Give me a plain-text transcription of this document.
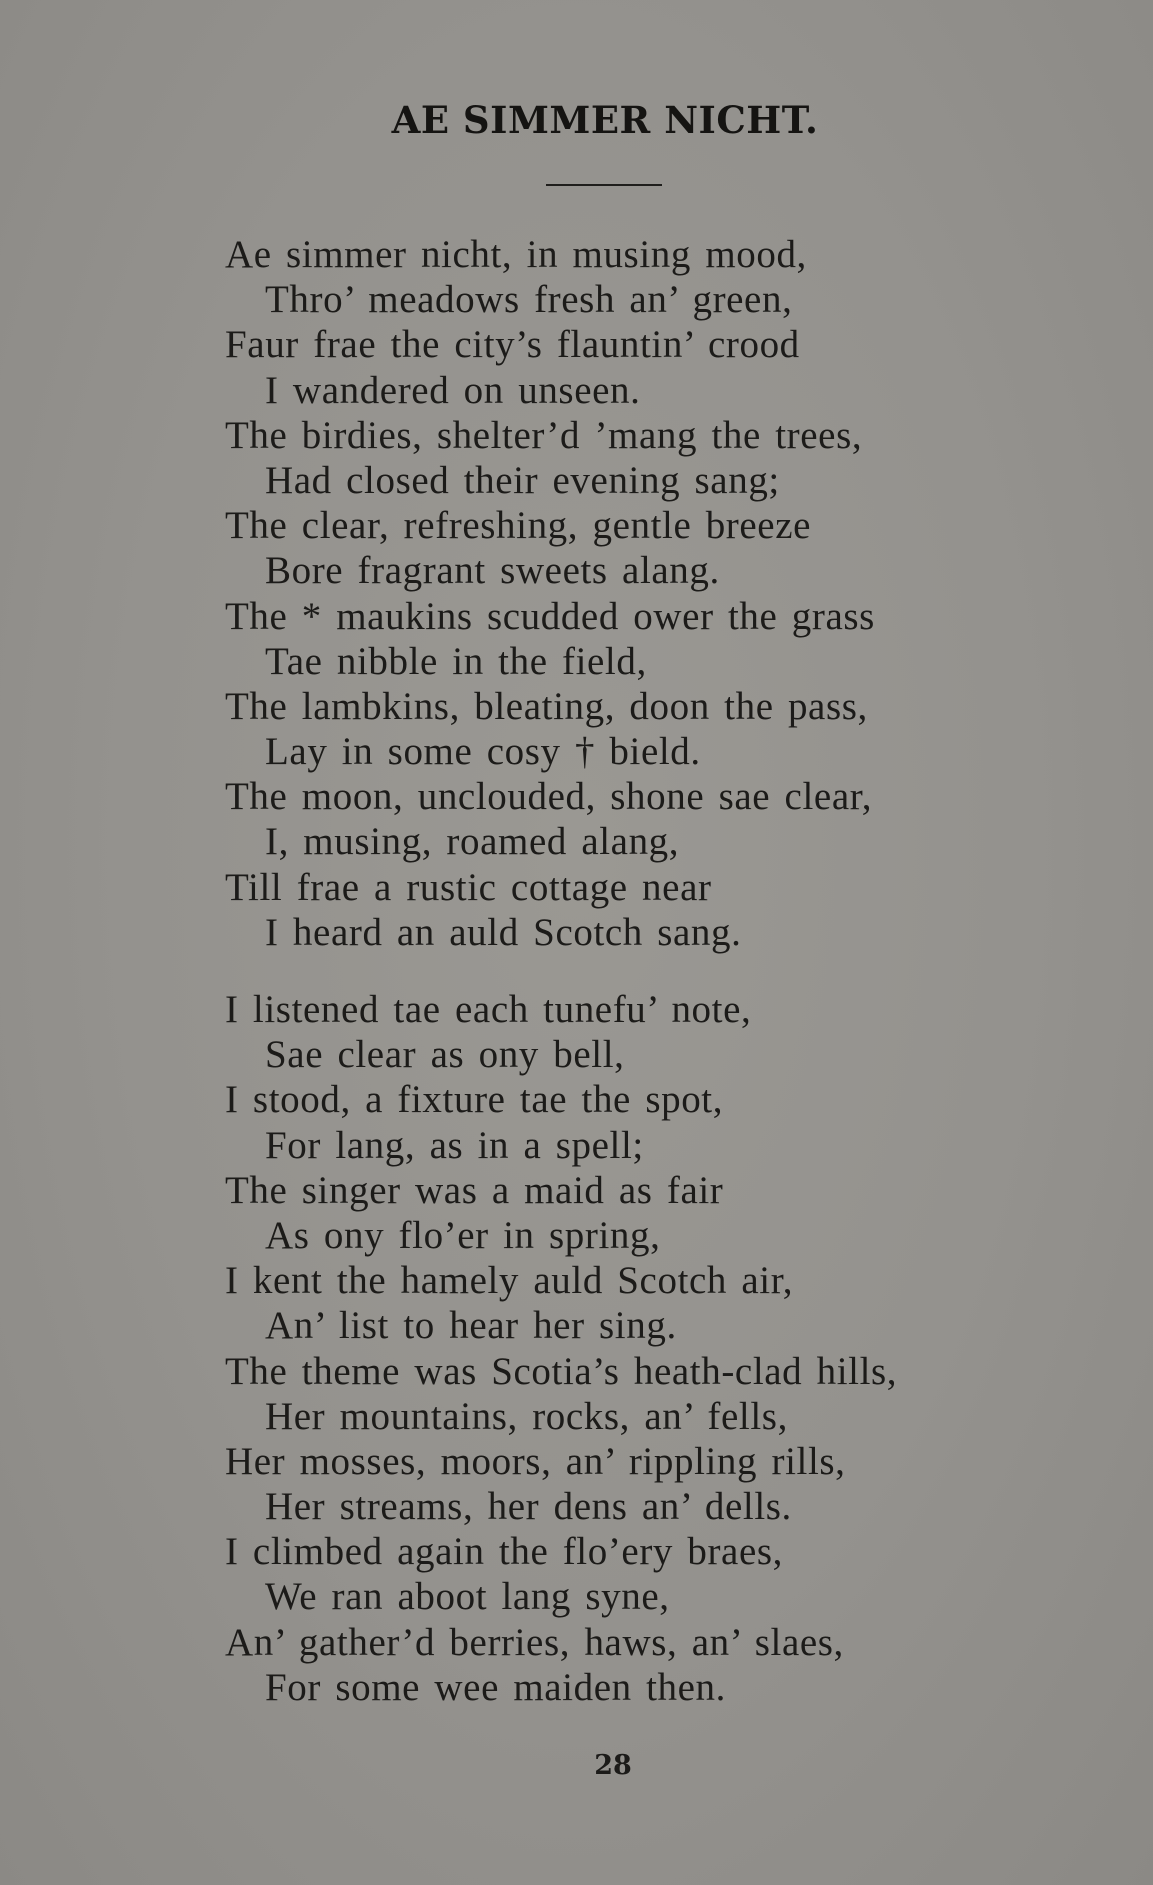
AE SIMMER NICHT.
Ae simmer nicht, in musing mood,
Thro’ meadows fresh an’ green,
Faur frae the city’s flauntin’ crood
I wandered on unseen.
The birdies, shelter’d ’mang the trees,
Had closed their evening sang;
The clear, refreshing, gentle breeze
Bore fragrant sweets alang.
The * maukins scudded ower the grass
Tae nibble in the field,
The lambkins, bleating, doon the pass,
Lay in some cosy † bield.
The moon, unclouded, shone sae clear,
I, musing, roamed alang,
Till frae a rustic cottage near
I heard an auld Scotch sang.
I listened tae each tunefu’ note,
Sae clear as ony bell,
I stood, a fixture tae the spot,
For lang, as in a spell;
The singer was a maid as fair
As ony flo’er in spring,
I kent the hamely auld Scotch air,
An’ list to hear her sing.
The theme was Scotia’s heath-clad hills,
Her mountains, rocks, an’ fells,
Her mosses, moors, an’ rippling rills,
Her streams, her dens an’ dells.
I climbed again the flo’ery braes,
We ran aboot lang syne,
An’ gather’d berries, haws, an’ slaes,
For some wee maiden then.
28
